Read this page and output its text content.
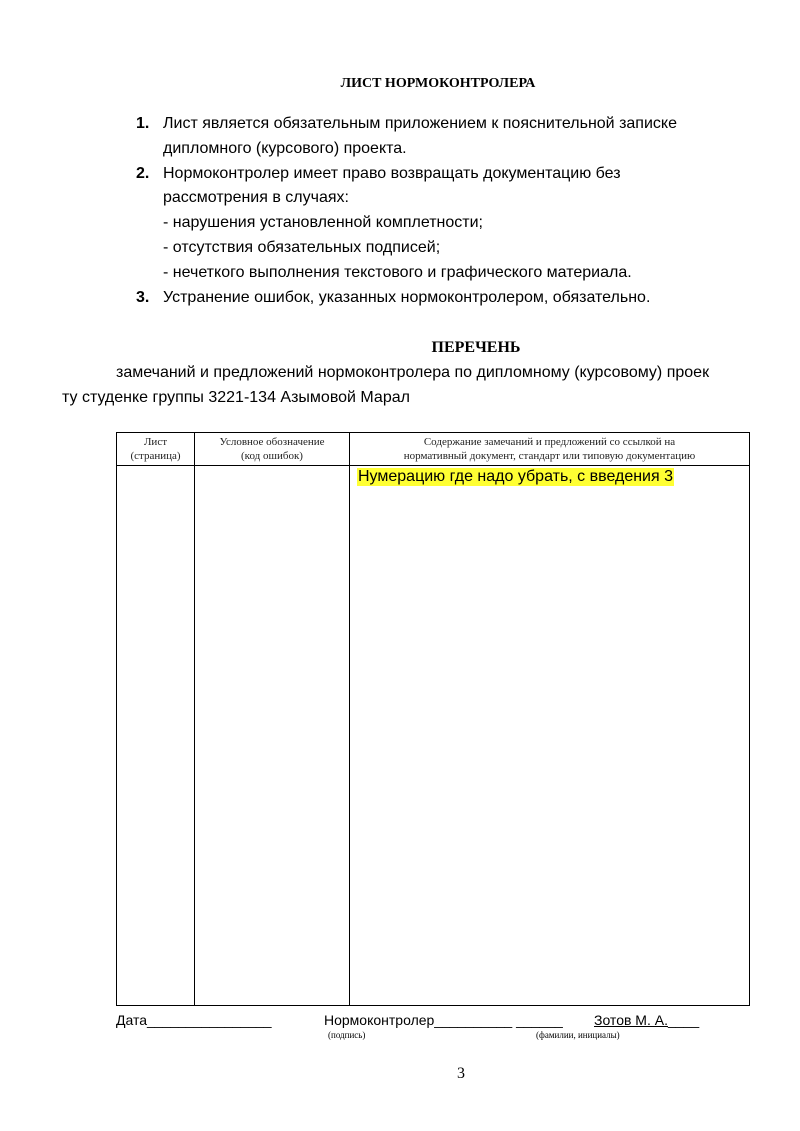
ЛИСТ НОРМОКОНТРОЛЕРА
1. Лист является обязательным приложением к пояснительной записке
дипломного (курсового) проекта.
2. Нормоконтролер имеет право возвращать документацию без
рассмотрения в случаях:
- нарушения установленной комплетности;
- отсутствия обязательных подписей;
- нечеткого выполнения текстового и графического материала.
3. Устранение ошибок, указанных нормоконтролером, обязательно.
ПЕРЕЧЕНЬ
замечаний и предложений нормоконтролера по дипломному (курсовому) проек
ту студенке группы 3221-134 Азымовой Марал
Лист
(страница)
Условное обозначение
(код ошибок)
Содержание замечаний и предложений со ссылкой на
нормативный документ, стандарт или типовую документацию
Нумерацию где надо убрать, с введения 3
Дата________________	Нормоконтролер__________ ______ Зотов М. А.____
(подпись)	(фамилии, инициалы)
3
